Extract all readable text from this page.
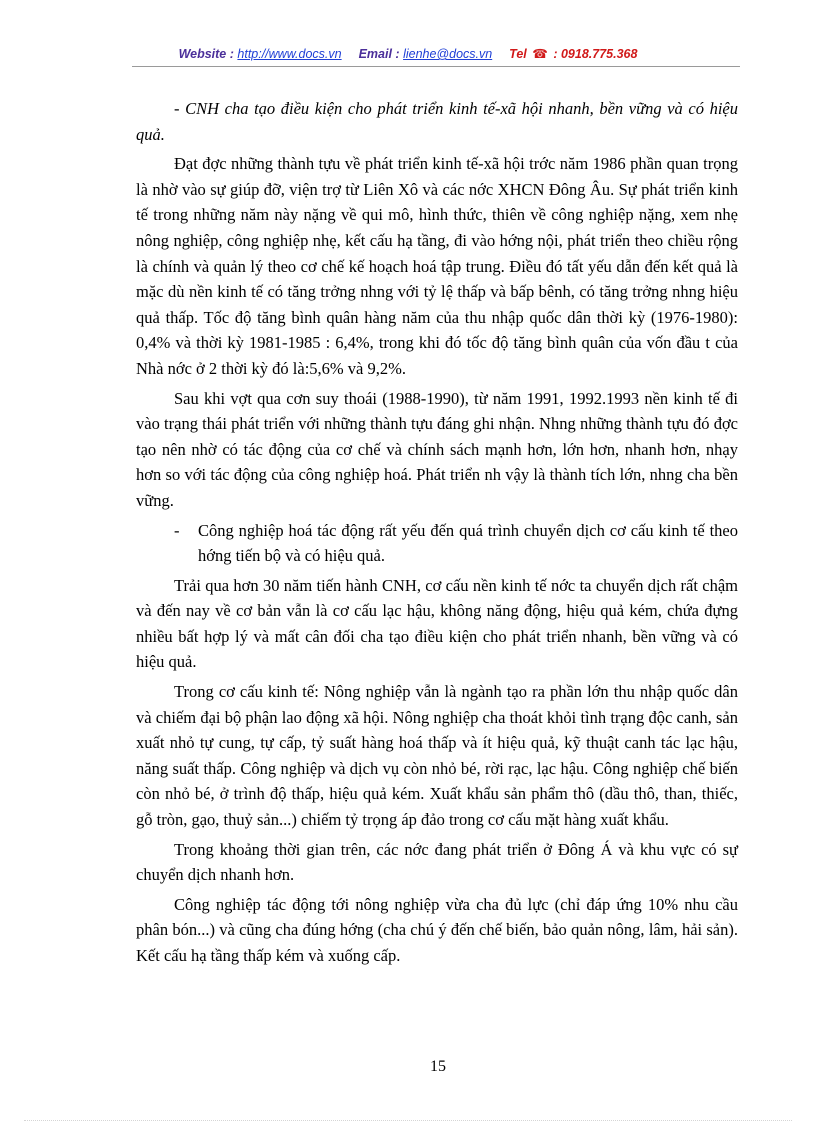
Website : http://www.docs.vn Email : lienhe@docs.vn Tel ☎ : 0918.775.368

- CNH cha tạo điều kiện cho phát triển kinh tế-xã hội nhanh, bền vững và có hiệu quả.

Đạt đợc những thành tựu về phát triển kinh tế-xã hội trớc năm 1986 phần quan trọng là nhờ vào sự giúp đỡ, viện trợ từ Liên Xô và các nớc XHCN Đông Âu. Sự phát triển kinh tế trong những năm này nặng về qui mô, hình thức, thiên về công nghiệp nặng, xem nhẹ nông nghiệp, công nghiệp nhẹ, kết cấu hạ tầng, đi vào hớng nội, phát triển theo chiều rộng là chính và quản lý theo cơ chế kế hoạch hoá tập trung. Điều đó tất yếu dẫn đến kết quả là mặc dù nền kinh tế có tăng trởng nhng với tỷ lệ thấp và bấp bênh, có tăng trởng nhng hiệu quả thấp. Tốc độ tăng bình quân hàng năm của thu nhập quốc dân thời kỳ (1976-1980): 0,4% và thời kỳ 1981-1985 : 6,4%, trong khi đó tốc độ tăng bình quân của vốn đầu t của Nhà nớc ở 2 thời kỳ đó là:5,6% và 9,2%.

Sau khi vợt qua cơn suy thoái (1988-1990), từ năm 1991, 1992.1993 nền kinh tế đi vào trạng thái phát triển với những thành tựu đáng ghi nhận. Nhng những thành tựu đó đợc tạo nên nhờ có tác động của cơ chế và chính sách mạnh hơn, lớn hơn, nhanh hơn, nhạy hơn so với tác động của công nghiệp hoá. Phát triển nh vậy là thành tích lớn, nhng cha bền vững.

- Công nghiệp hoá tác động rất yếu đến quá trình chuyển dịch cơ cấu kinh tế theo hớng tiến bộ và có hiệu quả.

Trải qua hơn 30 năm tiến hành CNH, cơ cấu nền kinh tế nớc ta chuyển dịch rất chậm và đến nay về cơ bản vẫn là cơ cấu lạc hậu, không năng động, hiệu quả kém, chứa đựng nhiều bất hợp lý và mất cân đối cha tạo điều kiện cho phát triển nhanh, bền vững và có hiệu quả.

Trong cơ cấu kinh tế: Nông nghiệp vẫn là ngành tạo ra phần lớn thu nhập quốc dân và chiếm đại bộ phận lao động xã hội. Nông nghiệp cha thoát khỏi tình trạng độc canh, sản xuất nhỏ tự cung, tự cấp, tỷ suất hàng hoá thấp và ít hiệu quả, kỹ thuật canh tác lạc hậu, năng suất thấp. Công nghiệp và dịch vụ còn nhỏ bé, rời rạc, lạc hậu. Công nghiệp chế biến còn nhỏ bé, ở trình độ thấp, hiệu quả kém. Xuất khẩu sản phẩm thô (dầu thô, than, thiếc, gỗ tròn, gạo, thuỷ sản...) chiếm tỷ trọng áp đảo trong cơ cấu mặt hàng xuất khẩu.

Trong khoảng thời gian trên, các nớc đang phát triển ở Đông Á và khu vực có sự chuyển dịch nhanh hơn.

Công nghiệp tác động tới nông nghiệp vừa cha đủ lực (chỉ đáp ứng 10% nhu cầu phân bón...) và cũng cha đúng hớng (cha chú ý đến chế biến, bảo quản nông, lâm, hải sản). Kết cấu hạ tầng thấp kém và xuống cấp.

15
